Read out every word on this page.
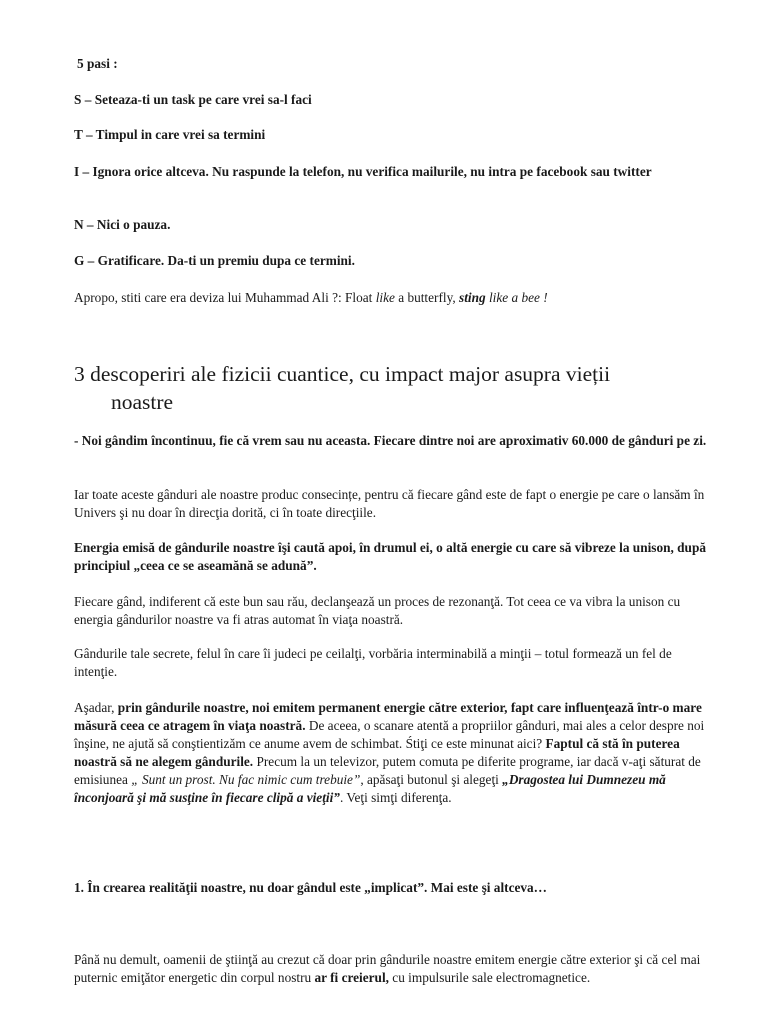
5 pasi :

S – Seteaza-ti un task pe care vrei sa-l faci

T – Timpul in care vrei sa termini

I – Ignora orice altceva. Nu raspunde la telefon, nu verifica mailurile, nu intra pe facebook sau twitter

N – Nici o pauza.

G – Gratificare. Da-ti un premiu dupa ce termini.

Apropo, stiti care era deviza lui Muhammad Ali ?: Float like a butterfly, sting like a bee !

3 descoperiri ale fizicii cuantice, cu impact major asupra vieții
noastre

- Noi gândim încontinuu, fie că vrem sau nu aceasta. Fiecare dintre noi are aproximativ 60.000 de gânduri pe zi.

Iar toate aceste gânduri ale noastre produc consecințe, pentru că fiecare gând este de fapt o energie pe care o lansăm în Univers şi nu doar în direcţia dorită, ci în toate direcţiile.

Energia emisă de gândurile noastre îşi caută apoi, în drumul ei, o altă energie cu care să vibreze la unison, după principiul „ceea ce se aseamănă se adună”.

Fiecare gând, indiferent că este bun sau rău, declanşează un proces de rezonanţă. Tot ceea ce va vibra la unison cu energia gândurilor noastre va fi atras automat în viaţa noastră.

Gândurile tale secrete, felul în care îi judeci pe ceilalţi, vorbăria interminabilă a minţii – totul formează un fel de intenţie.

Aşadar, prin gândurile noastre, noi emitem permanent energie către exterior, fapt care influenţează într-o mare măsură ceea ce atragem în viaţa noastră. De aceea, o scanare atentă a propriilor gânduri, mai ales a celor despre noi înşine, ne ajută să conştientizăm ce anume avem de schimbat. Śtiţi ce este minunat aici? Faptul că stă în puterea noastră să ne alegem gândurile. Precum la un televizor, putem comuta pe diferite programe, iar dacă v-aţi săturat de emisiunea „ Sunt un prost. Nu fac nimic cum trebuie”, apăsaţi butonul şi alegeţi „Dragostea lui Dumnezeu mă înconjoară şi mă susţine în fiecare clipă a vieţii”. Veţi simţi diferenţa.

1. În crearea realităţii noastre, nu doar gândul este „implicat”. Mai este şi altceva…

Până nu demult, oamenii de ştiinţă au crezut că doar prin gândurile noastre emitem energie către exterior şi că cel mai puternic emiţător energetic din corpul nostru ar fi creierul, cu impulsurile sale electromagnetice.
